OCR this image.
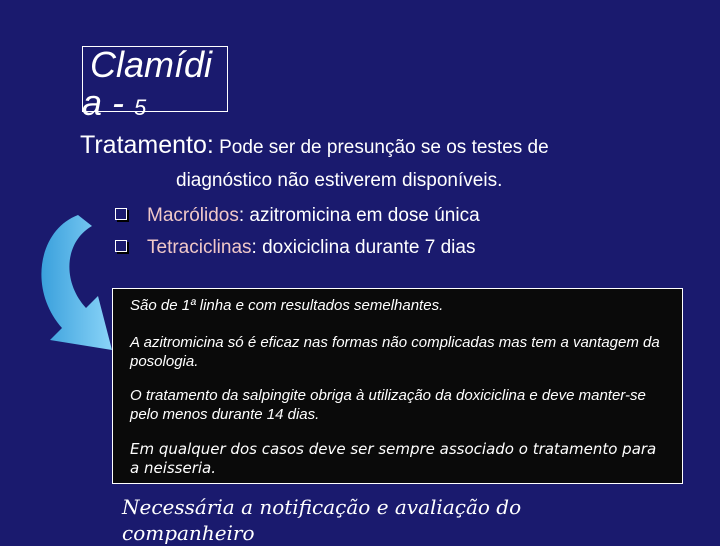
Clamídi
a - 5
Tratamento: Pode ser de presunção se os testes de
diagnóstico não estiverem disponíveis.
Macrólidos: azitromicina em dose única
Tetraciclinas: doxiciclina durante 7 dias
São de 1ª linha e com resultados semelhantes.
A azitromicina só é eficaz nas formas não complicadas mas tem a vantagem da posologia.
O tratamento da salpingite obriga à utilização da doxiciclina e deve manter-se pelo menos durante 14 dias.
Em qualquer dos casos deve ser sempre associado o tratamento para a neisseria.
Necessária a notificação e avaliação do
companheiro
